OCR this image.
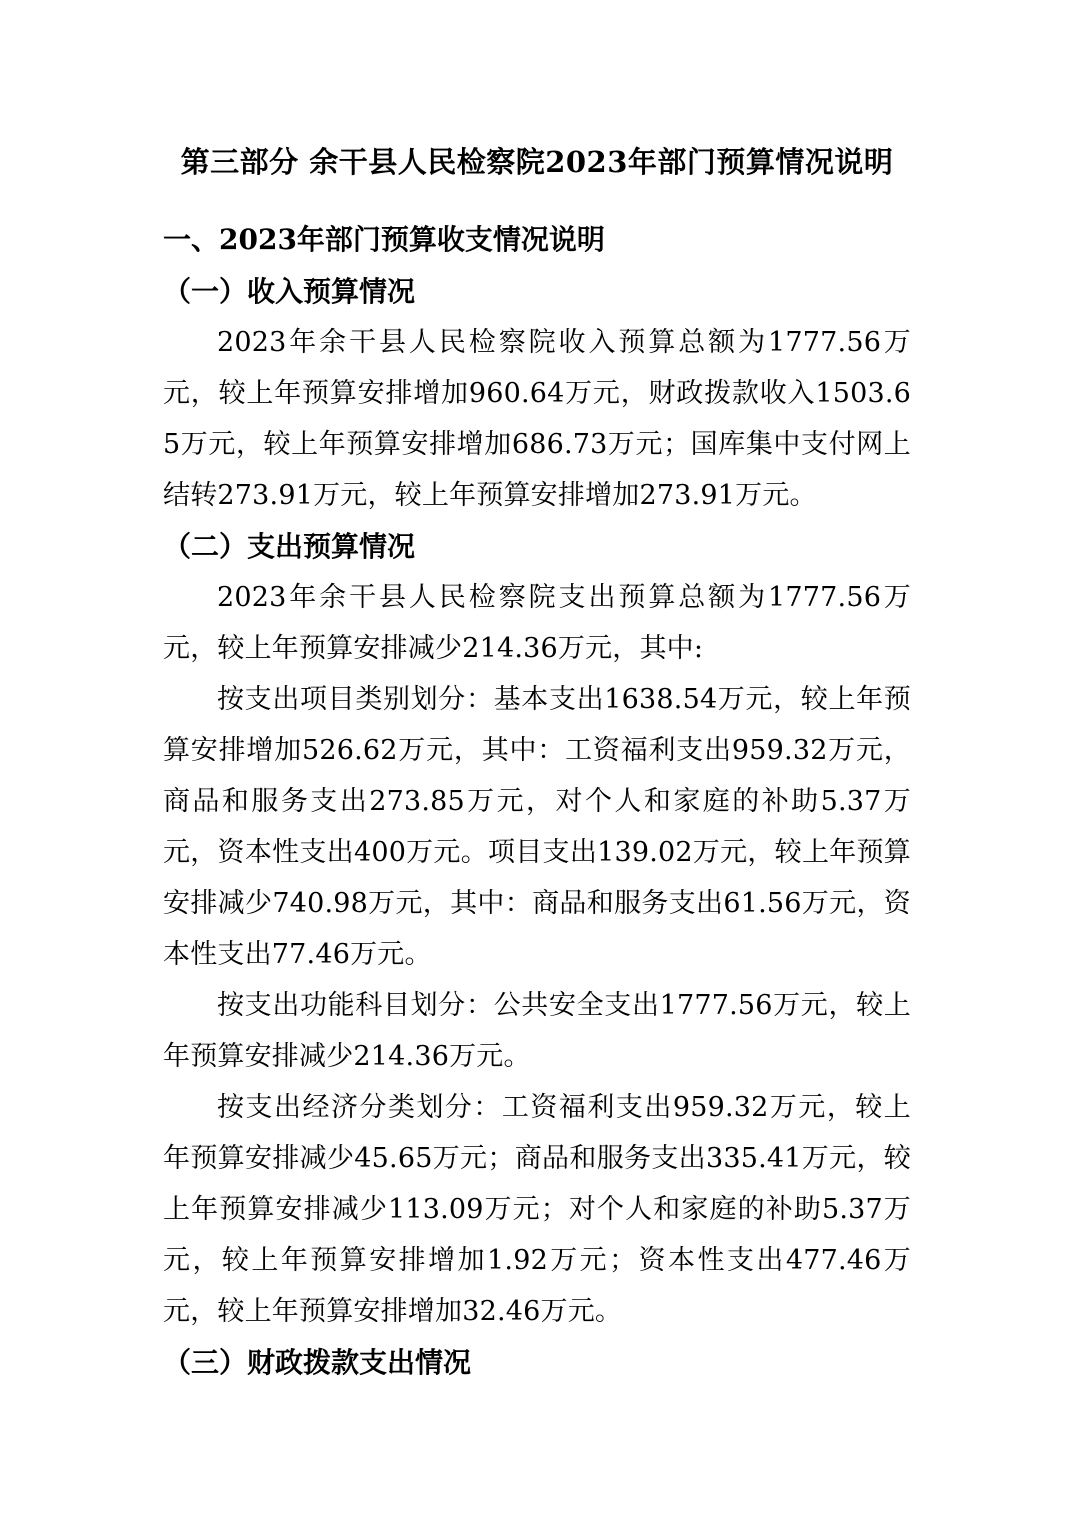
第三部分 余干县人民检察院2023年部门预算情况说明
一、2023年部门预算收支情况说明
（一）收入预算情况

2023年余干县人民检察院收入预算总额为1777.56万元，较上年预算安排增加960.64万元，财政拨款收入1503.65万元，较上年预算安排增加686.73万元；国库集中支付网上结转273.91万元，较上年预算安排增加273.91万元。

（二）支出预算情况

2023年余干县人民检察院支出预算总额为1777.56万元，较上年预算安排减少214.36万元，其中:

按支出项目类别划分：基本支出1638.54万元，较上年预算安排增加526.62万元，其中：工资福利支出959.32万元，商品和服务支出273.85万元，对个人和家庭的补助5.37万元，资本性支出400万元。项目支出139.02万元，较上年预算安排减少740.98万元，其中：商品和服务支出61.56万元，资本性支出77.46万元。

按支出功能科目划分：公共安全支出1777.56万元，较上年预算安排减少214.36万元。

按支出经济分类划分：工资福利支出959.32万元，较上年预算安排减少45.65万元；商品和服务支出335.41万元，较上年预算安排减少113.09万元；对个人和家庭的补助5.37万元，较上年预算安排增加1.92万元；资本性支出477.46万元，较上年预算安排增加32.46万元。

（三）财政拨款支出情况
